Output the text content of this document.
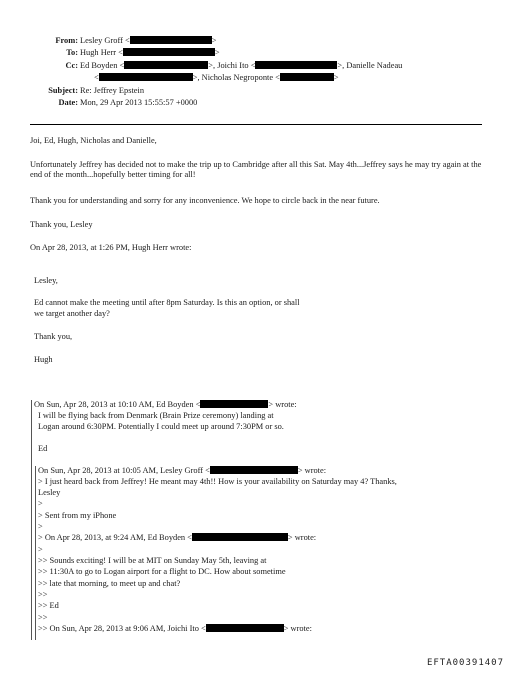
From: Lesley Groff <	>
To: Hugh Herr <	>
Cc: Ed Boyden <	>, Joichi Ito <	>, Danielle Nadeau
<	>, Nicholas Negroponte <	>
Subject: Re: Jeffrey Epstein
Date: Mon, 29 Apr 2013 15:55:57 +0000
Joi, Ed, Hugh, Nicholas and Danielle,
Unfortunately Jeffrey has decided not to make the trip up to Cambridge after all this Sat. May 4th...Jeffrey says he may try again at the end of the month...hopefully better timing for all!
Thank you for understanding and sorry for any inconvenience. We hope to circle back in the near future.
Thank you, Lesley
On Apr 28, 2013, at 1:26 PM, Hugh Herr wrote:
Lesley,
Ed cannot make the meeting until after 8pm Saturday. Is this an option, or shall
we target another day?
Thank you,
Hugh
On Sun, Apr 28, 2013 at 10:10 AM, Ed Boyden <	> wrote:
I will be flying back from Denmark (Brain Prize ceremony) landing at
Logan around 6:30PM. Potentially I could meet up around 7:30PM or so.
Ed
On Sun, Apr 28, 2013 at 10:05 AM, Lesley Groff <	> wrote:
> I just heard back from Jeffrey! He meant may 4th!! How is your availability on Saturday may 4? Thanks,
Lesley
>
> Sent from my iPhone
>
> On Apr 28, 2013, at 9:24 AM, Ed Boyden <	> wrote:
>
>> Sounds exciting! I will be at MIT on Sunday May 5th, leaving at
>> 11:30A to go to Logan airport for a flight to DC. How about sometime
>> late that morning, to meet up and chat?
>>
>> Ed
>>
>> On Sun, Apr 28, 2013 at 9:06 AM, Joichi Ito <	> wrote:
EFTA00391407
